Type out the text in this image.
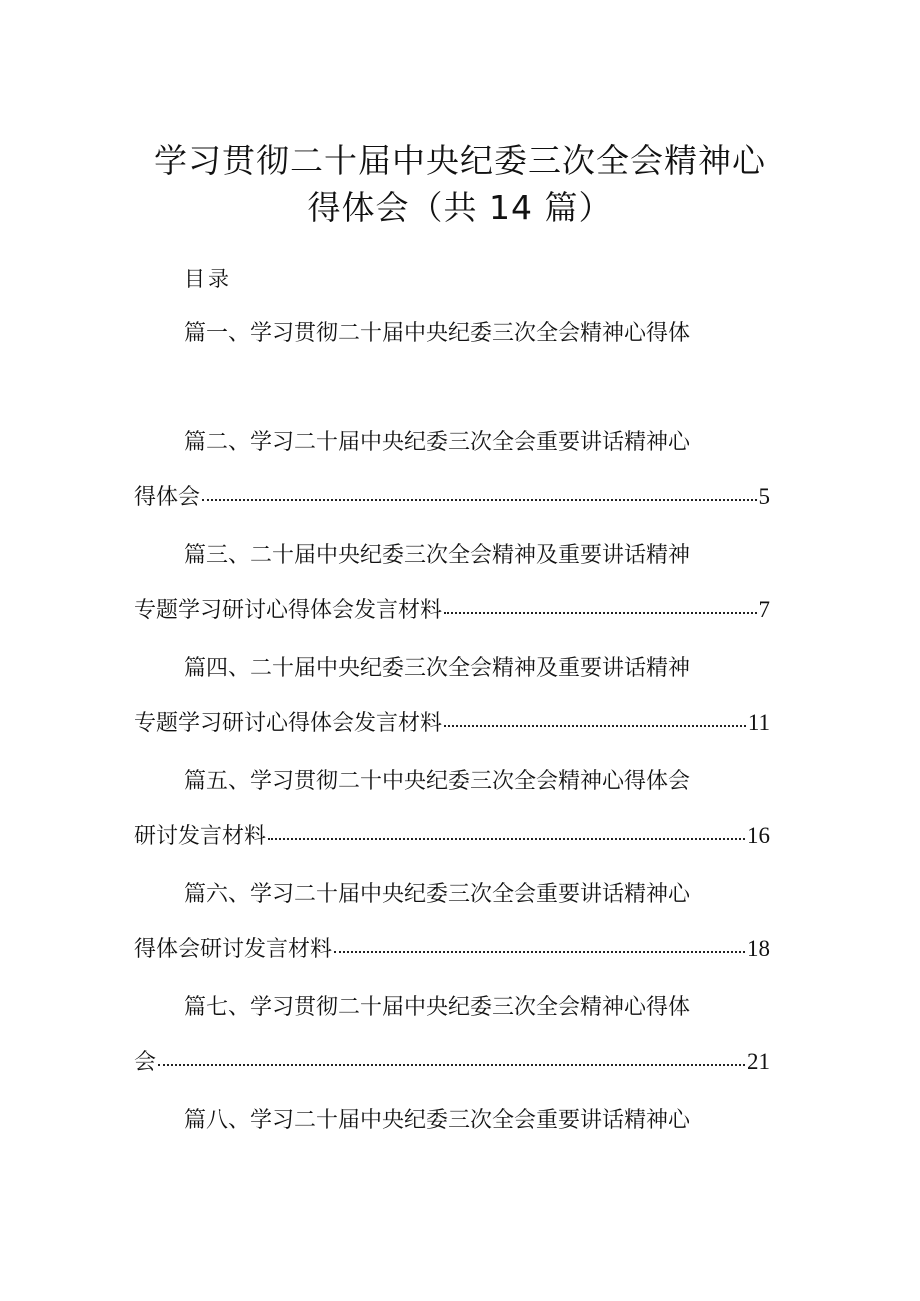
学习贯彻二十届中央纪委三次全会精神心
得体会（共 14 篇）
目录
篇一、学习贯彻二十届中央纪委三次全会精神心得体
篇二、学习二十届中央纪委三次全会重要讲话精神心
得体会	5
篇三、二十届中央纪委三次全会精神及重要讲话精神
专题学习研讨心得体会发言材料	7
篇四、二十届中央纪委三次全会精神及重要讲话精神
专题学习研讨心得体会发言材料	11
篇五、学习贯彻二十中央纪委三次全会精神心得体会
研讨发言材料	16
篇六、学习二十届中央纪委三次全会重要讲话精神心
得体会研讨发言材料	18
篇七、学习贯彻二十届中央纪委三次全会精神心得体
会	21
篇八、学习二十届中央纪委三次全会重要讲话精神心
